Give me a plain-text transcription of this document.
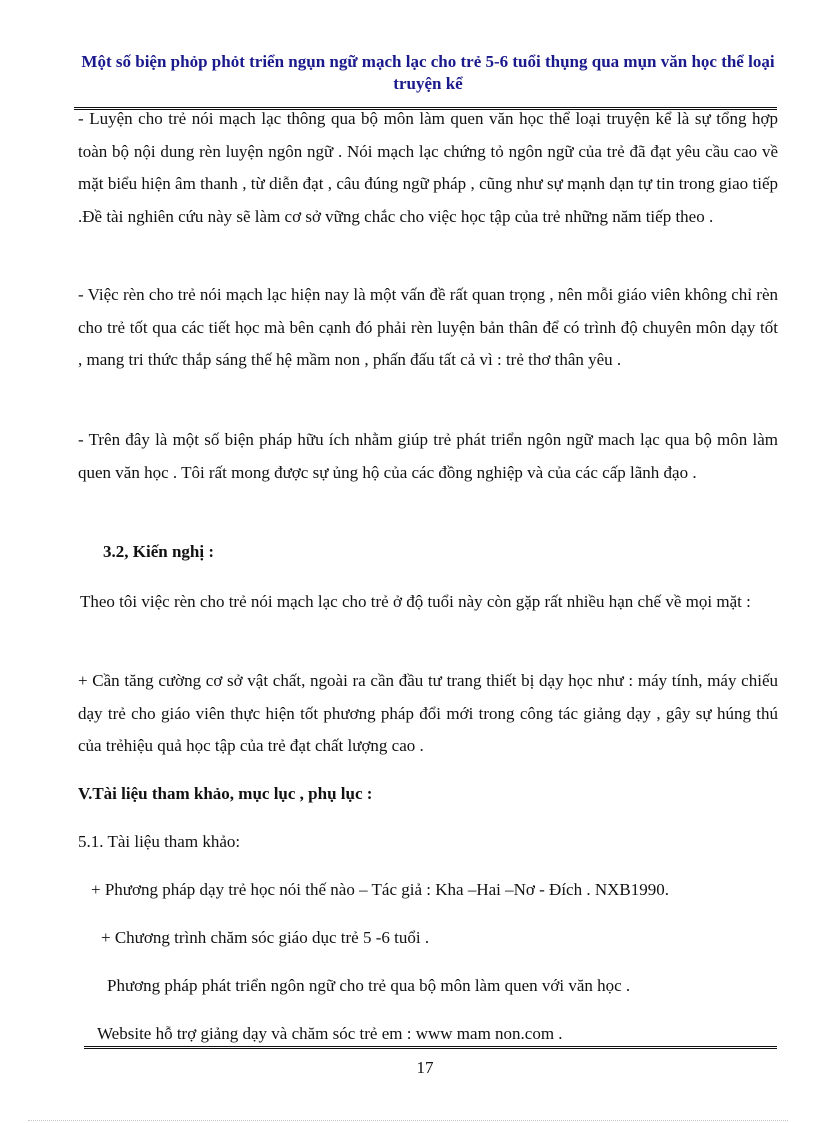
Một số biện phỏp phỏt triển ngụn ngữ mạch lạc cho trẻ 5-6 tuổi thụng qua mụn văn học thể loại truyện kể

- Luyện cho trẻ nói mạch lạc thông qua bộ môn làm quen văn học thể loại truyện kể là sự tổng hợp toàn bộ nội dung rèn luyện ngôn ngữ . Nói mạch lạc chứng tỏ ngôn ngữ của trẻ đã đạt yêu cầu cao về mặt biểu hiện âm thanh , từ diễn đạt , câu đúng ngữ pháp , cũng như sự mạnh dạn tự tin trong giao tiếp .Đề tài nghiên cứu này sẽ làm cơ sở vững chắc cho việc học tập của trẻ những năm tiếp theo .

- Việc rèn cho trẻ nói mạch lạc hiện nay là một vấn đề rất quan trọng , nên mỗi giáo viên không chỉ rèn cho trẻ tốt qua các tiết học mà bên cạnh đó phải rèn luyện bản thân để có trình độ chuyên môn dạy tốt , mang tri thức thắp sáng thế hệ mầm non , phấn đấu tất cả vì : trẻ thơ thân yêu .

- Trên đây là một số biện pháp hữu ích nhằm giúp trẻ phát triển ngôn ngữ mach lạc qua bộ môn làm quen văn học . Tôi rất mong được sự ủng hộ của các đồng nghiệp và của các cấp lãnh đạo .

3.2, Kiến nghị :

Theo tôi việc rèn cho trẻ nói mạch lạc cho trẻ ở độ tuổi này còn gặp rất nhiều hạn chế về mọi mặt :

+ Cần tăng cường cơ sở vật chất, ngoài ra cần đầu tư trang thiết bị dạy học như : máy tính, máy chiếu dạy trẻ cho giáo viên thực hiện tốt phương pháp đổi mới trong công tác giảng dạy , gây sự húng thú của trẻhiệu quả học tập của trẻ đạt chất lượng cao .

V.Tài liệu tham khảo, mục lục , phụ lục :

5.1. Tài liệu tham khảo:

+ Phương pháp dạy trẻ học nói thế nào – Tác giả : Kha –Hai –Nơ - Đích . NXB1990.

+ Chương trình chăm sóc giáo dục trẻ 5 -6 tuổi .

Phương pháp phát triển ngôn ngữ cho trẻ qua bộ môn làm quen với văn học .

Website hỗ trợ giảng dạy và chăm sóc trẻ em : www mam non.com .

17
